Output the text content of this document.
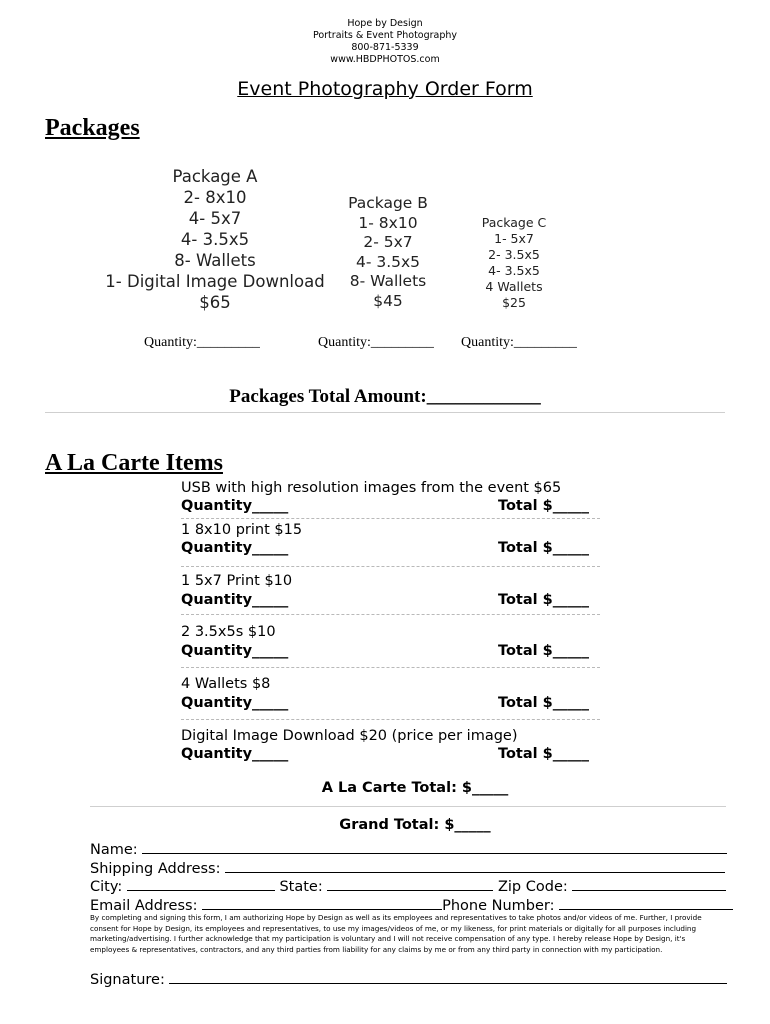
Hope by Design
Portraits & Event Photography
800-871-5339
www.HBDPHOTOS.com
Event Photography Order Form
Packages
Package A
2- 8x10
4- 5x7
4- 3.5x5
8- Wallets
1- Digital Image Download
$65
Package B
1- 8x10
2- 5x7
4- 3.5x5
8- Wallets
$45
Package C
1- 5x7
2- 3.5x5
4- 3.5x5
4 Wallets
$25
Quantity:_________	Quantity:_________ Quantity:_________
Packages Total Amount:____________
A La Carte Items
USB with high resolution images from the event $65
Quantity_____	Total $_____
1 8x10 print $15
Quantity_____	Total $_____
1 5x7 Print $10
Quantity_____	Total $_____
2 3.5x5s $10
Quantity_____	Total $_____
4 Wallets $8
Quantity_____	Total $_____
Digital Image Download $20 (price per image)
Quantity_____	Total $_____
A La Carte Total: $_____
Grand Total: $_____
Name:
Shipping Address:
City:	State:	Zip Code:
Email Address:	Phone Number:
By completing and signing this form, I am authorizing Hope by Design as well as its employees and representatives to take photos and/or videos of me. Further, I provide consent for Hope by Design, its employees and representatives, to use my images/videos of me, or my likeness, for print materials or digitally for all purposes including marketing/advertising. I further acknowledge that my participation is voluntary and I will not receive compensation of any type. I hereby release Hope by Design, it's employees & representatives, contractors, and any third parties from liability for any claims by me or from any third party in connection with my participation.
Signature:
